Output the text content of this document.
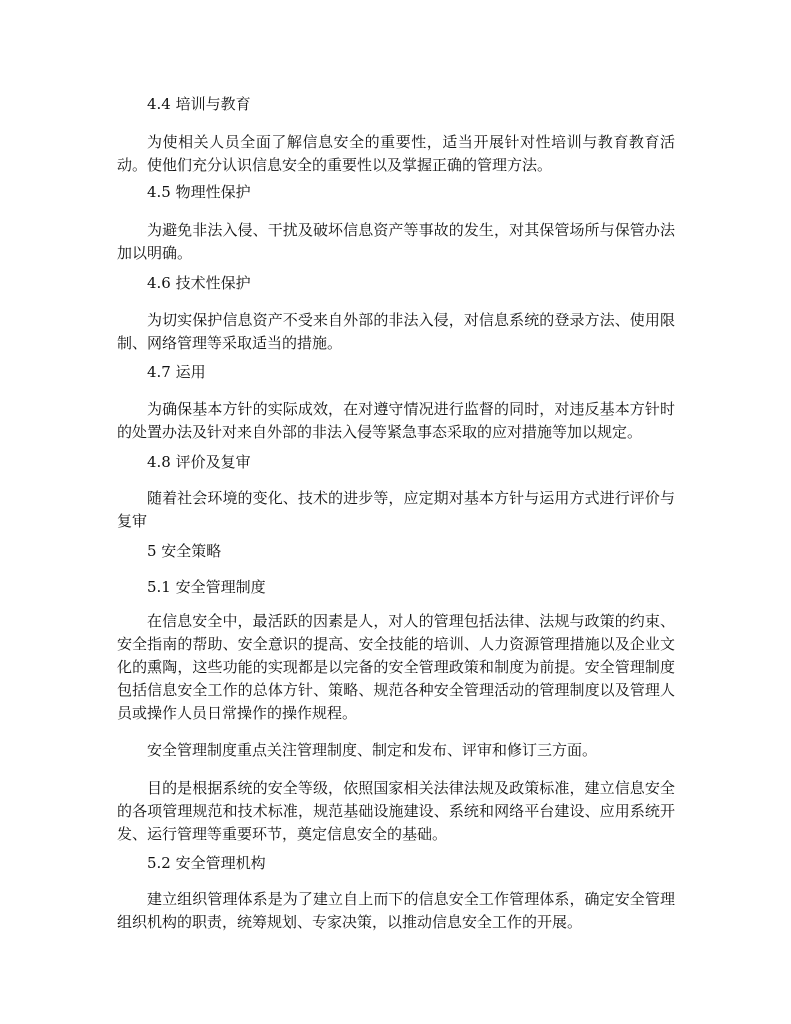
4.4 培训与教育

为使相关人员全面了解信息安全的重要性，适当开展针对性培训与教育教育活动。使他们充分认识信息安全的重要性以及掌握正确的管理方法。

4.5 物理性保护

为避免非法入侵、干扰及破坏信息资产等事故的发生，对其保管场所与保管办法加以明确。

4.6 技术性保护

为切实保护信息资产不受来自外部的非法入侵，对信息系统的登录方法、使用限制、网络管理等采取适当的措施。

4.7 运用

为确保基本方针的实际成效，在对遵守情况进行监督的同时，对违反基本方针时的处置办法及针对来自外部的非法入侵等紧急事态采取的应对措施等加以规定。

4.8 评价及复审

随着社会环境的变化、技术的进步等，应定期对基本方针与运用方式进行评价与复审

5 安全策略

5.1 安全管理制度

在信息安全中，最活跃的因素是人，对人的管理包括法律、法规与政策的约束、安全指南的帮助、安全意识的提高、安全技能的培训、人力资源管理措施以及企业文化的熏陶，这些功能的实现都是以完备的安全管理政策和制度为前提。安全管理制度包括信息安全工作的总体方针、策略、规范各种安全管理活动的管理制度以及管理人员或操作人员日常操作的操作规程。

安全管理制度重点关注管理制度、制定和发布、评审和修订三方面。

目的是根据系统的安全等级，依照国家相关法律法规及政策标准，建立信息安全的各项管理规范和技术标准，规范基础设施建设、系统和网络平台建设、应用系统开发、运行管理等重要环节，奠定信息安全的基础。

5.2 安全管理机构

建立组织管理体系是为了建立自上而下的信息安全工作管理体系，确定安全管理组织机构的职责，统筹规划、专家决策，以推动信息安全工作的开展。
